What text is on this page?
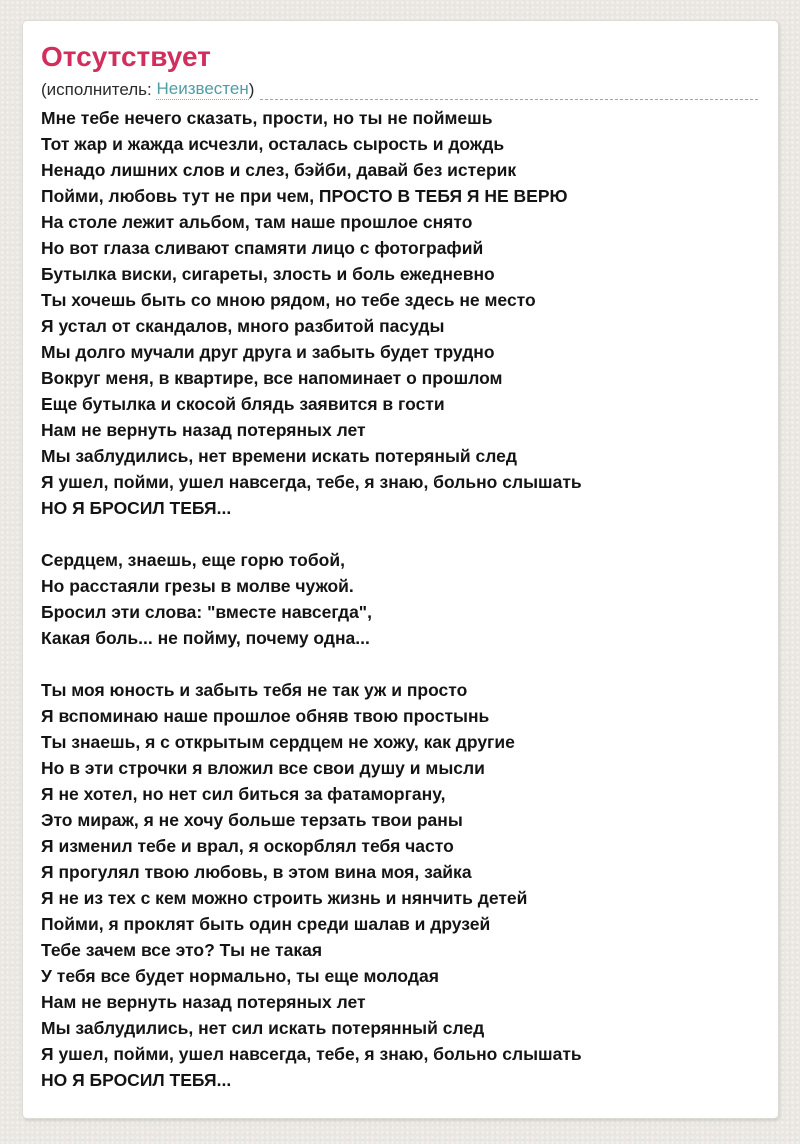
Отсутствует
(исполнитель: Неизвестен )
Мне тебе нечего сказать, прости, но ты не поймешь
Тот жар и жажда исчезли, осталась сырость и дождь
Ненадо лишних слов и слез, бэйби, давай без истерик
Пойми, любовь тут не при чем, ПРОСТО В ТЕБЯ Я НЕ ВЕРЮ
На столе лежит альбом, там наше прошлое снято
Но вот глаза сливают спамяти лицо с фотографий
Бутылка виски, сигареты, злость и боль ежедневно
Ты хочешь быть со мною рядом, но тебе здесь не место
Я устал от скандалов, много разбитой пасуды
Мы долго мучали друг друга и забыть будет трудно
Вокруг меня, в квартире, все напоминает о прошлом
Еще бутылка и скосой блядь заявится в гости
Нам не вернуть назад потеряных лет
Мы заблудились, нет времени искать потеряный след
Я ушел, пойми, ушел навсегда, тебе, я знаю, больно слышать
НО Я БРОСИЛ ТЕБЯ...

Сердцем, знаешь, еще горю тобой,
Но расстаяли грезы в молве чужой.
Бросил эти слова: "вместе навсегда",
Какая боль... не пойму, почему одна...

Ты моя юность и забыть тебя не так уж и просто
Я вспоминаю наше прошлое обняв твою простынь
Ты знаешь, я с открытым сердцем не хожу, как другие
Но в эти строчки я вложил все свои душу и мысли
Я не хотел, но нет сил биться за фатаморгану,
Это мираж, я не хочу больше терзать твои раны
Я изменил тебе и врал, я оскорблял тебя часто
Я прогулял твою любовь, в этом вина моя, зайка
Я не из тех с кем можно строить жизнь и нянчить детей
Пойми, я проклят быть один среди шалав и друзей
Тебе зачем все это? Ты не такая
У тебя все будет нормально, ты еще молодая
Нам не вернуть назад потеряных лет
Мы заблудились, нет сил искать потерянный след
Я ушел, пойми, ушел навсегда, тебе, я знаю, больно слышать
НО Я БРОСИЛ ТЕБЯ...
